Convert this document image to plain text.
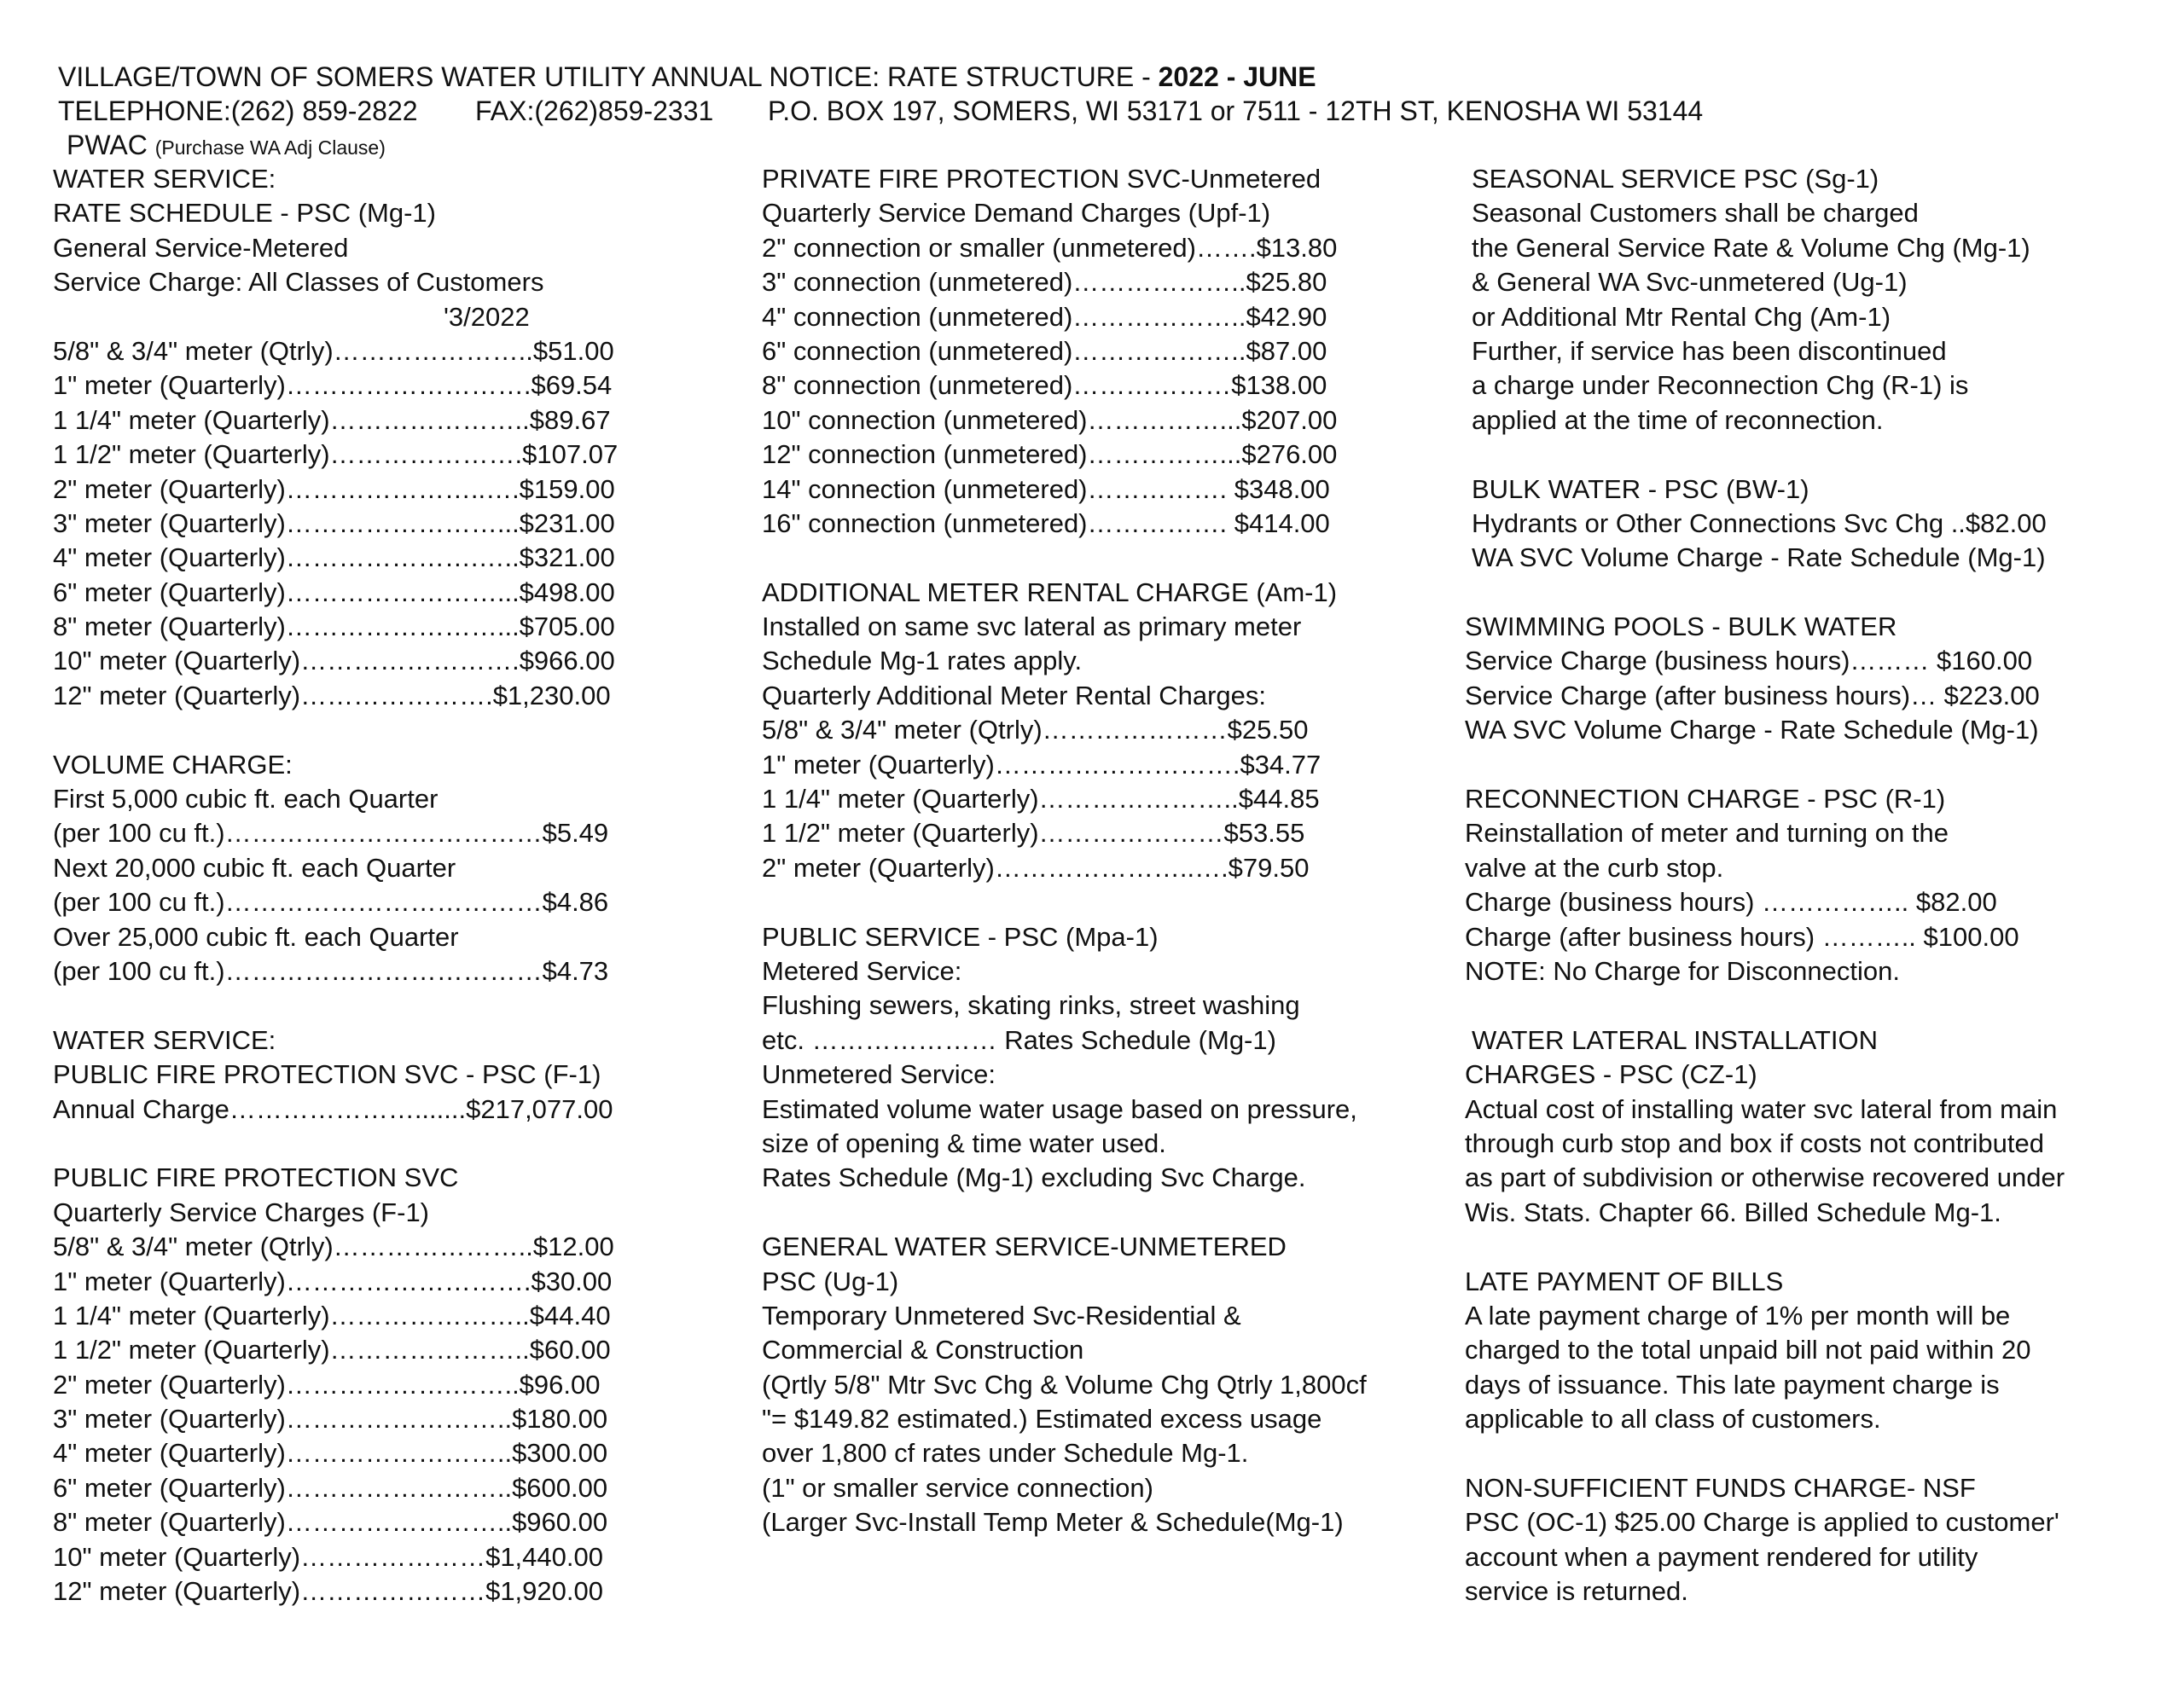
VILLAGE/TOWN OF SOMERS WATER UTILITY ANNUAL NOTICE: RATE STRUCTURE - 2022 - JUNE
TELEPHONE:(262) 859-2822 FAX:(262)859-2331 P.O. BOX 197, SOMERS, WI 53171 or 7511 - 12TH ST, KENOSHA WI 53144
PWAC (Purchase WA Adj Clause)
WATER SERVICE:
RATE SCHEDULE - PSC (Mg-1)
General Service-Metered
Service Charge: All Classes of Customers
'3/2022
5/8" & 3/4" meter (Qtrly)…………………..$51.00
1" meter (Quarterly)……………………….$69.54
1 1/4" meter (Quarterly)…………………..$89.67
1 1/2" meter (Quarterly)………………….$107.07
2" meter (Quarterly)…………………..….$159.00
3" meter (Quarterly)……………………...$231.00
4" meter (Quarterly)………………….…..$321.00
6" meter (Quarterly)……………………...$498.00
8" meter (Quarterly)……………………...$705.00
10" meter (Quarterly)…………………….$966.00
12" meter (Quarterly)………………….$1,230.00
VOLUME CHARGE:
First 5,000 cubic ft. each Quarter
(per 100 cu ft.)………………………………$5.49
Next 20,000 cubic ft. each Quarter
(per 100 cu ft.)………………………………$4.86
Over 25,000 cubic ft. each Quarter
(per 100 cu ft.)………………………………$4.73
WATER SERVICE:
PUBLIC FIRE PROTECTION SVC - PSC (F-1)
Annual Charge………………….......$217,077.00
PUBLIC FIRE PROTECTION SVC
Quarterly Service Charges (F-1)
5/8" & 3/4" meter (Qtrly)…………………..$12.00
1" meter (Quarterly)……………………….$30.00
1 1/4" meter (Quarterly)…………………..$44.40
1 1/2" meter (Quarterly)…………………..$60.00
2" meter (Quarterly)……………….……..$96.00
3" meter (Quarterly)……………………..$180.00
4" meter (Quarterly)……………………..$300.00
6" meter (Quarterly)……………………..$600.00
8" meter (Quarterly)……………………..$960.00
10" meter (Quarterly)…………………$1,440.00
12" meter (Quarterly)…………………$1,920.00
PRIVATE FIRE PROTECTION SVC-Unmetered
Quarterly Service Demand Charges (Upf-1)
2" connection or smaller (unmetered)…….$13.80
3" connection (unmetered)………………..$25.80
4" connection (unmetered)………………..$42.90
6" connection (unmetered)………………..$87.00
8" connection (unmetered)………………$138.00
10" connection (unmetered)……………...$207.00
12" connection (unmetered)……………...$276.00
14" connection (unmetered)……………. $348.00
16" connection (unmetered)……………. $414.00
ADDITIONAL METER RENTAL CHARGE (Am-1)
Installed on same svc lateral as primary meter
Schedule Mg-1 rates apply.
Quarterly Additional Meter Rental Charges:
5/8" & 3/4" meter (Qtrly)…………………$25.50
1" meter (Quarterly)……………………….$34.77
1 1/4" meter (Quarterly)…………………..$44.85
1 1/2" meter (Quarterly)…………………$53.55
2" meter (Quarterly)…………………..….$79.50
PUBLIC SERVICE - PSC (Mpa-1)
Metered Service:
Flushing sewers, skating rinks, street washing
etc. ………………… Rates Schedule (Mg-1)
Unmetered Service:
Estimated volume water usage based on pressure,
size of opening & time water used.
Rates Schedule (Mg-1) excluding Svc Charge.
GENERAL WATER SERVICE-UNMETERED
PSC (Ug-1)
Temporary Unmetered Svc-Residential &
Commercial & Construction
(Qrtly 5/8" Mtr Svc Chg & Volume Chg Qtrly 1,800cf
"= $149.82 estimated.) Estimated excess usage
over 1,800 cf rates under Schedule Mg-1.
(1" or smaller service connection)
(Larger Svc-Install Temp Meter & Schedule(Mg-1)
SEASONAL SERVICE PSC (Sg-1)
Seasonal Customers shall be charged
the General Service Rate & Volume Chg (Mg-1)
& General WA Svc-unmetered (Ug-1)
or Additional Mtr Rental Chg (Am-1)
Further, if service has been discontinued
a charge under Reconnection Chg (R-1) is
applied at the time of reconnection.
BULK WATER - PSC (BW-1)
Hydrants or Other Connections Svc Chg ..$82.00
WA SVC Volume Charge - Rate Schedule (Mg-1)
SWIMMING POOLS - BULK WATER
Service Charge (business hours)……… $160.00
Service Charge (after business hours)… $223.00
WA SVC Volume Charge - Rate Schedule (Mg-1)
RECONNECTION CHARGE - PSC (R-1)
Reinstallation of meter and turning on the
valve at the curb stop.
Charge (business hours) …………….. $82.00
Charge (after business hours) ……….. $100.00
NOTE: No Charge for Disconnection.
WATER LATERAL INSTALLATION
CHARGES - PSC (CZ-1)
Actual cost of installing water svc lateral from main
through curb stop and box if costs not contributed
as part of subdivision or otherwise recovered under
Wis. Stats. Chapter 66. Billed Schedule Mg-1.
LATE PAYMENT OF BILLS
A late payment charge of 1% per month will be
charged to the total unpaid bill not paid within 20
days of issuance. This late payment charge is
applicable to all class of customers.
NON-SUFFICIENT FUNDS CHARGE- NSF
PSC (OC-1) $25.00 Charge is applied to customer'
account when a payment rendered for utility
service is returned.
